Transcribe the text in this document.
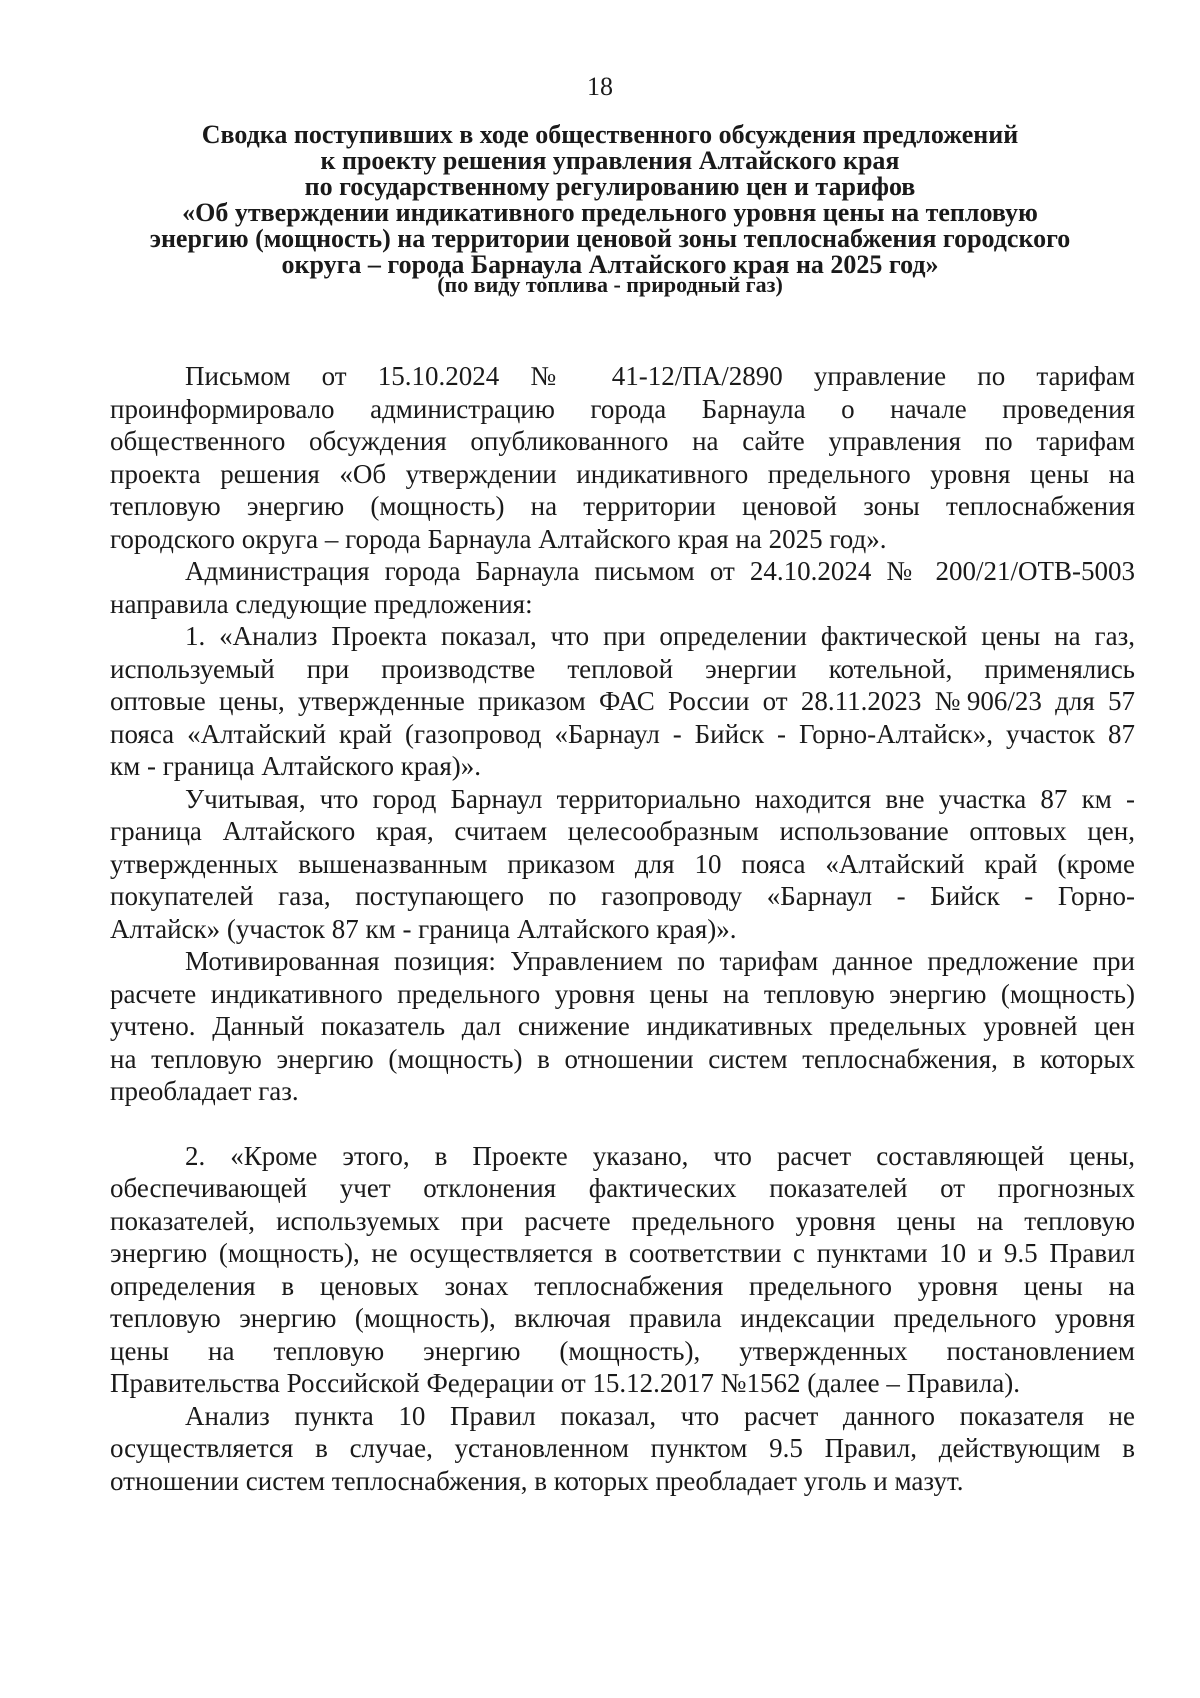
18
Сводка поступивших в ходе общественного обсуждения предложений
к проекту решения управления Алтайского края
по государственному регулированию цен и тарифов
«Об утверждении индикативного предельного уровня цены на тепловую
энергию (мощность) на территории ценовой зоны теплоснабжения городского
округа – города Барнаула Алтайского края на 2025 год»
(по виду топлива - природный газ)
Письмом от 15.10.2024 № 41-12/ПА/2890 управление по тарифам
проинформировало администрацию города Барнаула о начале проведения
общественного обсуждения опубликованного на сайте управления по тарифам
проекта решения «Об утверждении индикативного предельного уровня цены на
тепловую энергию (мощность) на территории ценовой зоны теплоснабжения
городского округа – города Барнаула Алтайского края на 2025 год».
Администрация города Барнаула письмом от 24.10.2024 № 200/21/ОТВ-5003
направила следующие предложения:
1. «Анализ Проекта показал, что при определении фактической цены на газ,
используемый при производстве тепловой энергии котельной, применялись
оптовые цены, утвержденные приказом ФАС России от 28.11.2023 №906/23 для 57
пояса «Алтайский край (газопровод «Барнаул - Бийск - Горно-Алтайск», участок 87
км - граница Алтайского края)».
Учитывая, что город Барнаул территориально находится вне участка 87 км -
граница Алтайского края, считаем целесообразным использование оптовых цен,
утвержденных вышеназванным приказом для 10 пояса «Алтайский край (кроме
покупателей газа, поступающего по газопроводу «Барнаул - Бийск - Горно-
Алтайск» (участок 87 км - граница Алтайского края)».
Мотивированная позиция: Управлением по тарифам данное предложение при
расчете индикативного предельного уровня цены на тепловую энергию (мощность)
учтено. Данный показатель дал снижение индикативных предельных уровней цен
на тепловую энергию (мощность) в отношении систем теплоснабжения, в которых
преобладает газ.
2. «Кроме этого, в Проекте указано, что расчет составляющей цены,
обеспечивающей учет отклонения фактических показателей от прогнозных
показателей, используемых при расчете предельного уровня цены на тепловую
энергию (мощность), не осуществляется в соответствии с пунктами 10 и 9.5 Правил
определения в ценовых зонах теплоснабжения предельного уровня цены на
тепловую энергию (мощность), включая правила индексации предельного уровня
цены на тепловую энергию (мощность), утвержденных постановлением
Правительства Российской Федерации от 15.12.2017 №1562 (далее – Правила).
Анализ пункта 10 Правил показал, что расчет данного показателя не
осуществляется в случае, установленном пунктом 9.5 Правил, действующим в
отношении систем теплоснабжения, в которых преобладает уголь и мазут.
